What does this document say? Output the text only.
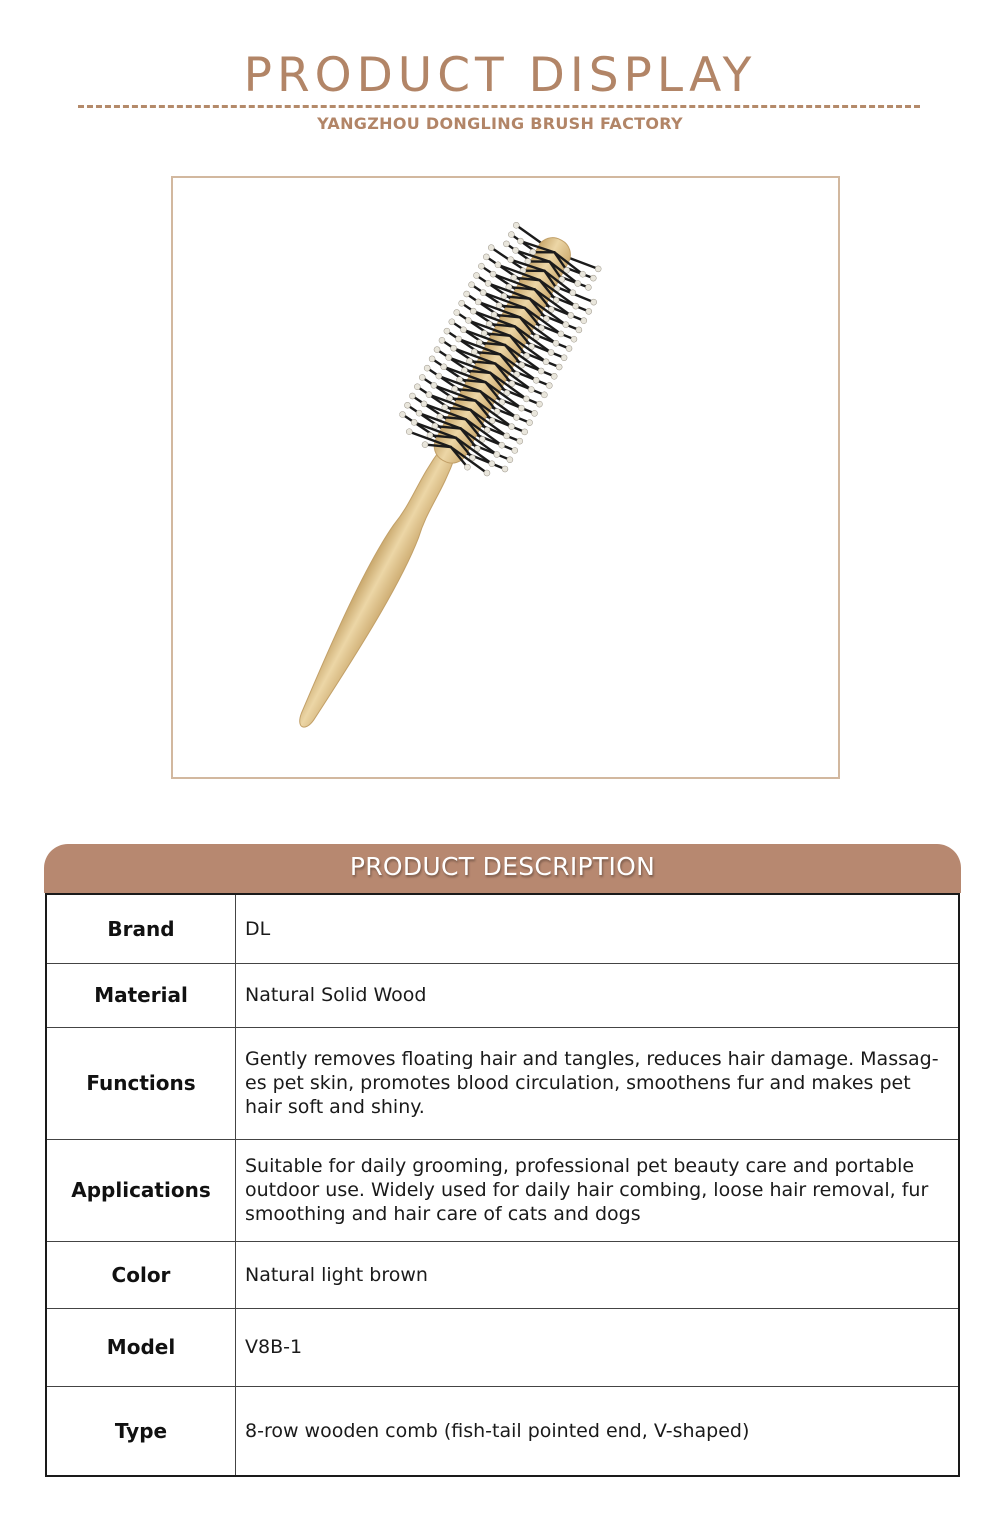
PRODUCT DISPLAY
YANGZHOU DONGLING BRUSH FACTORY
PRODUCT DESCRIPTION
Brand	DL
Material	Natural Solid Wood
Functions	Gently removes floating hair and tangles, reduces hair damage. Massag-es pet skin, promotes blood circulation, smoothens fur and makes pet hair soft and shiny.
Applications	Suitable for daily grooming, professional pet beauty care and portable outdoor use. Widely used for daily hair combing, loose hair removal, fur smoothing and hair care of cats and dogs
Color	Natural light brown
Model	V8B-1
Type	8-row wooden comb (fish-tail pointed end, V-shaped)
